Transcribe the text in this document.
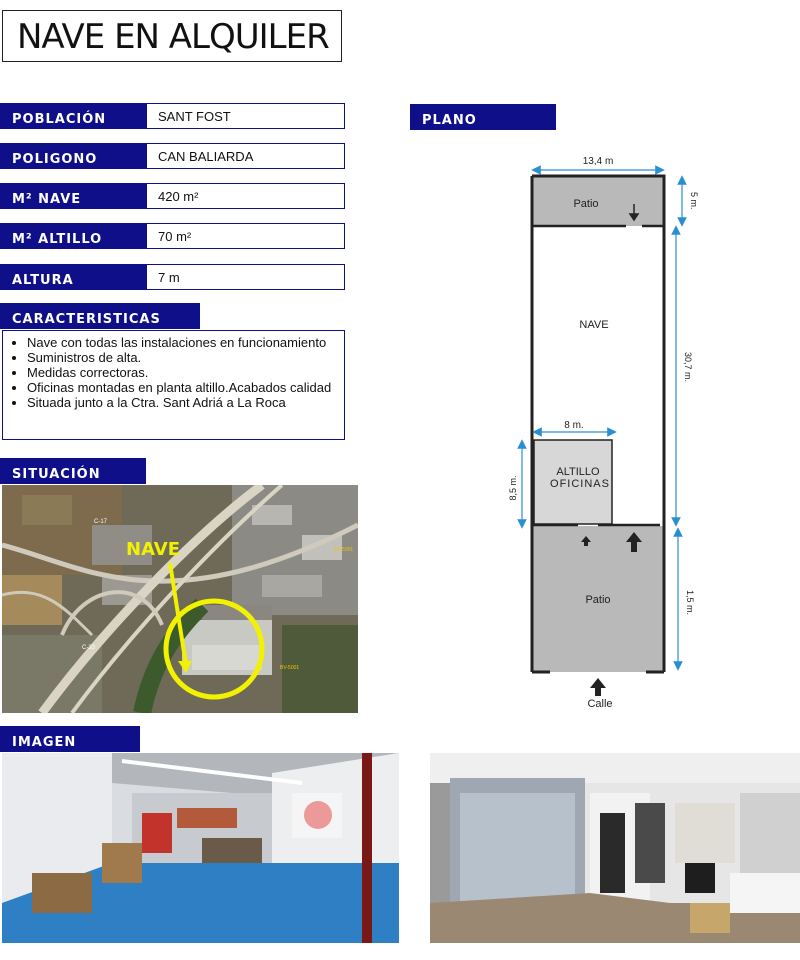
NAVE EN ALQUILER
POBLACIÓN	SANT FOST
POLIGONO	CAN BALIARDA
M² NAVE	420 m²
M² ALTILLO	70 m²
ALTURA	7 m
CARACTERISTICAS
• Nave con todas las instalaciones en funcionamiento
• Suministros de alta.
• Medidas correctoras.
• Oficinas montadas en planta altillo.Acabados calidad
• Situada junto a la Ctra. Sant Adriá a La Roca
SITUACIÓN
NAVE
C-17
C-33
BV-5001
BV-5001
IMAGEN
PLANO
13,4 m
Patio	5 m.
NAVE
30,7 m.
8 m.
8,5 m.
ALTILLO
OFICINAS
Patio	1,5 m.
Calle
